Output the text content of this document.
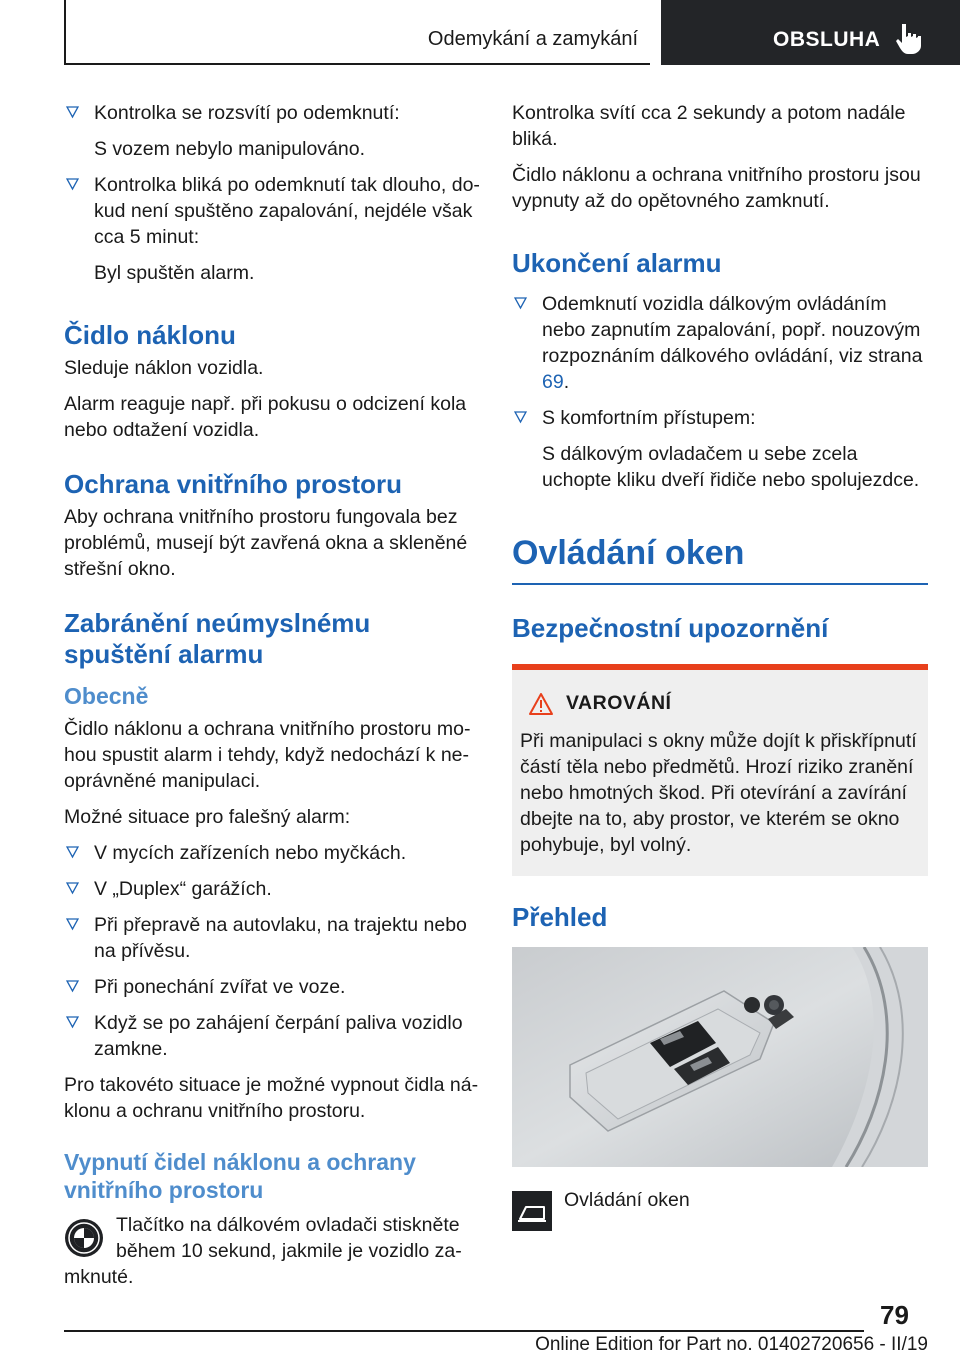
Odemykání a zamykání	OBSLUHA
Kontrolka se rozsvítí po odemknutí:
S vozem nebylo manipulováno.
Kontrolka bliká po odemknutí tak dlouho, dokud není spuštěno zapalování, nejdéle však cca 5 minut:
Byl spuštěn alarm.
Čidlo náklonu

Sleduje náklon vozidla.

Alarm reaguje např. při pokusu o odcizení kola nebo odtažení vozidla.

Ochrana vnitřního prostoru

Aby ochrana vnitřního prostoru fungovala bez problémů, musejí být zavřená okna a skleněné střešní okno.

Zabránění neúmyslnému spuštění alarmu
Obecně

Čidlo náklonu a ochrana vnitřního prostoru mohou spustit alarm i tehdy, když nedochází k neoprávněné manipulaci.

Možné situace pro falešný alarm:

V mycích zařízeních nebo myčkách.
V „Duplex“ garážích.
Při přepravě na autovlaku, na trajektu nebo na přívěsu.
Při ponechání zvířat ve voze.
Když se po zahájení čerpání paliva vozidlo zamkne.

Pro takovéto situace je možné vypnout čidla náklonu a ochranu vnitřního prostoru.

Vypnutí čidel náklonu a ochrany vnitřního prostoru

Tlačítko na dálkovém ovladači stiskněte během 10 sekund, jakmile je vozidlo zamknuté.

Kontrolka svítí cca 2 sekundy a potom nadále bliká.

Čidlo náklonu a ochrana vnitřního prostoru jsou vypnuty až do opětovného zamknutí.

Ukončení alarmu
Odemknutí vozidla dálkovým ovládáním nebo zapnutím zapalování, popř. nouzovým rozpoznáním dálkového ovládání, viz strana 69.
S komfortním přístupem:
S dálkovým ovladačem u sebe zcela uchopte kliku dveří řidiče nebo spolujezdce.
Ovládání oken
Bezpečnostní upozornění
VAROVÁNÍ

Při manipulaci s okny může dojít k přiskřípnutí částí těla nebo předmětů. Hrozí riziko zranění nebo hmotných škod. Při otevírání a zavírání dbejte na to, aby prostor, ve kterém se okno pohybuje, byl volný.

Přehled

Ovládání oken

79
Online Edition for Part no. 01402720656 - II/19
